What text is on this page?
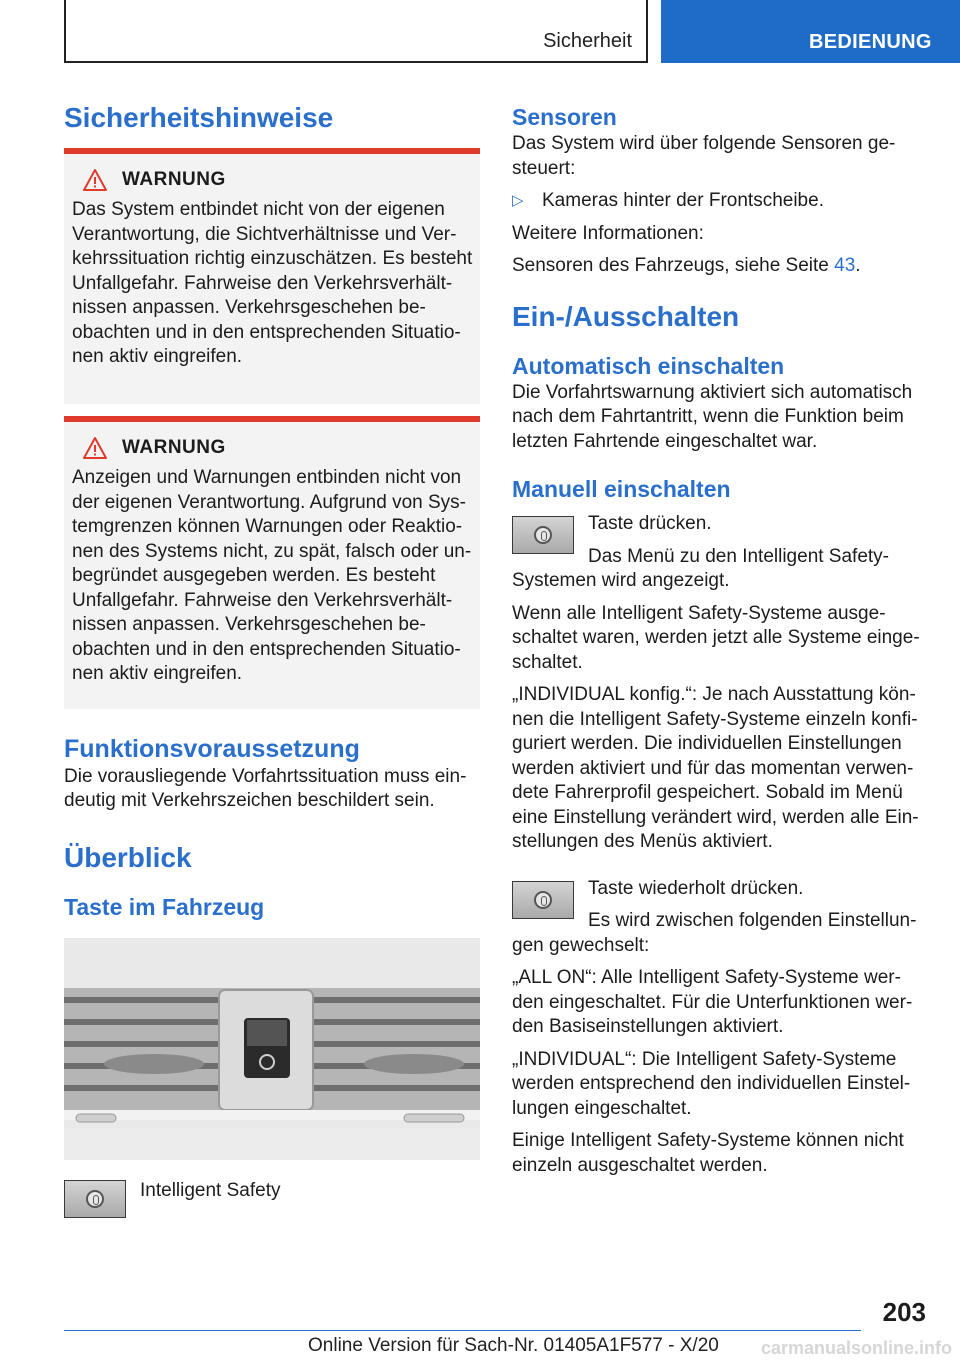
Sicherheit	BEDIENUNG
Sicherheitshinweise
WARNUNG

Das System entbindet nicht von der eigenen Verantwortung, die Sichtverhältnisse und Verkehrssituation richtig einzuschätzen. Es besteht Unfallgefahr. Fahrweise den Verkehrsverhältnissen anpassen. Verkehrsgeschehen beobachten und in den entsprechenden Situationen aktiv eingreifen.

WARNUNG

Anzeigen und Warnungen entbinden nicht von der eigenen Verantwortung. Aufgrund von Systemgrenzen können Warnungen oder Reaktionen des Systems nicht, zu spät, falsch oder unbegründet ausgegeben werden. Es besteht Unfallgefahr. Fahrweise den Verkehrsverhältnissen anpassen. Verkehrsgeschehen beobachten und in den entsprechenden Situationen aktiv eingreifen.

Funktionsvoraussetzung

Die vorausliegende Vorfahrtssituation muss eindeutig mit Verkehrszeichen beschildert sein.

Überblick
Taste im Fahrzeug

Intelligent Safety

Sensoren

Das System wird über folgende Sensoren gesteuert:

▷ Kameras hinter der Frontscheibe.

Weitere Informationen:

Sensoren des Fahrzeugs, siehe Seite 43.

Ein-/Ausschalten
Automatisch einschalten

Die Vorfahrtswarnung aktiviert sich automatisch nach dem Fahrtantritt, wenn die Funktion beim letzten Fahrtende eingeschaltet war.

Manuell einschalten

Taste drücken.

Das Menü zu den Intelligent Safety-Systemen wird angezeigt.

Wenn alle Intelligent Safety-Systeme ausgeschaltet waren, werden jetzt alle Systeme eingeschaltet.

„INDIVIDUAL konfig.“: Je nach Ausstattung können die Intelligent Safety-Systeme einzeln konfiguriert werden. Die individuellen Einstellungen werden aktiviert und für das momentan verwendete Fahrerprofil gespeichert. Sobald im Menü eine Einstellung verändert wird, werden alle Einstellungen des Menüs aktiviert.

Taste wiederholt drücken.

Es wird zwischen folgenden Einstellungen gewechselt:

„ALL ON“: Alle Intelligent Safety-Systeme werden eingeschaltet. Für die Unterfunktionen werden Basiseinstellungen aktiviert.

„INDIVIDUAL“: Die Intelligent Safety-Systeme werden entsprechend den individuellen Einstellungen eingeschaltet.

Einige Intelligent Safety-Systeme können nicht einzeln ausgeschaltet werden.

203
Online Version für Sach-Nr. 01405A1F577 - X/20 carmanualsonline.info
